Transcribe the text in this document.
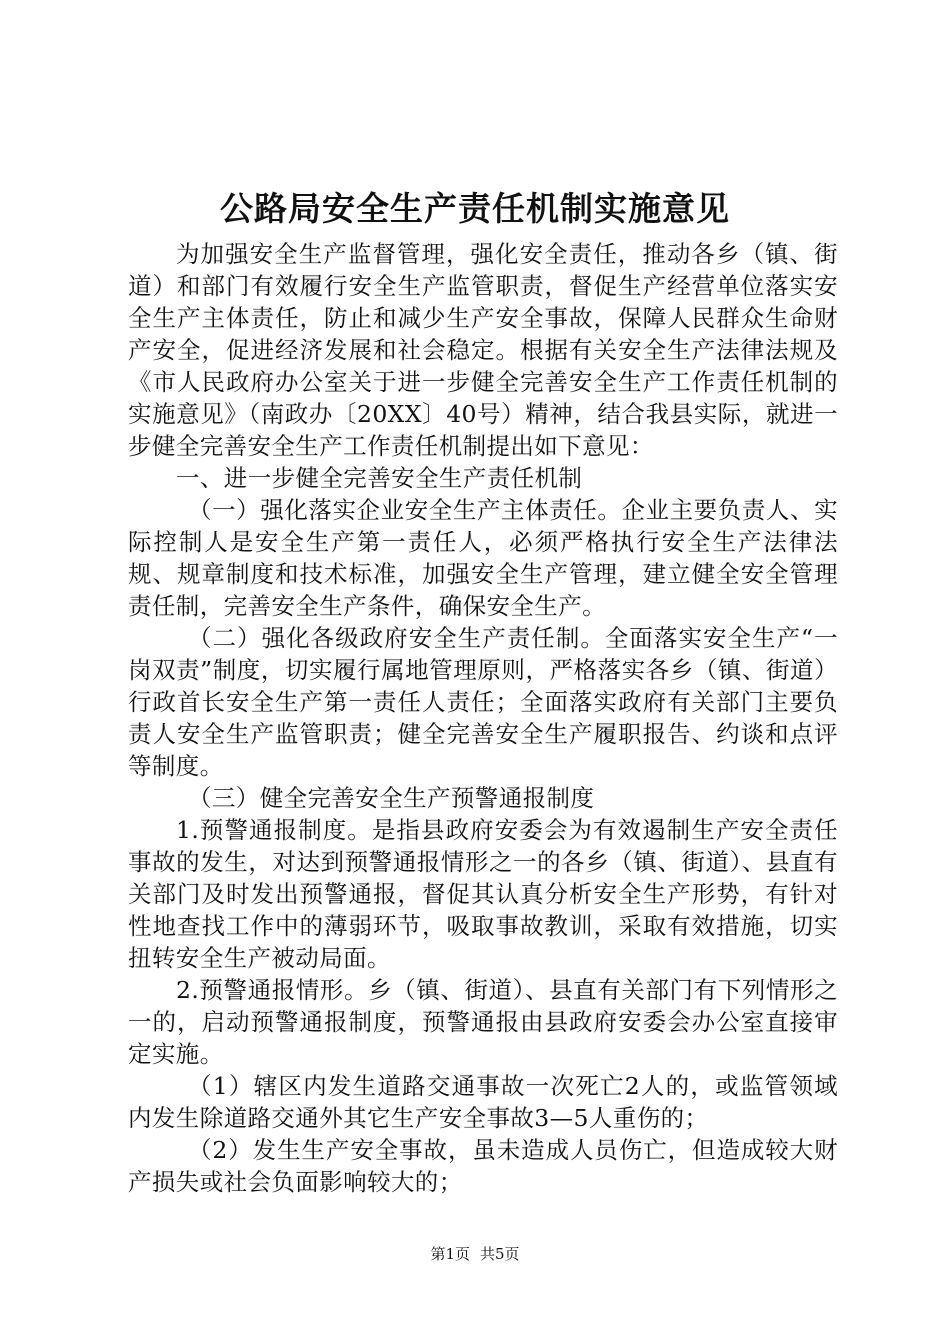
公路局安全生产责任机制实施意见

为加强安全生产监督管理，强化安全责任，推动各乡（镇、街道）和部门有效履行安全生产监管职责，督促生产经营单位落实安全生产主体责任，防止和减少生产安全事故，保障人民群众生命财产安全，促进经济发展和社会稳定。根据有关安全生产法律法规及《市人民政府办公室关于进一步健全完善安全生产工作责任机制的实施意见》（南政办〔20XX〕40号）精神，结合我县实际，就进一步健全完善安全生产工作责任机制提出如下意见：

一、进一步健全完善安全生产责任机制

（一）强化落实企业安全生产主体责任。企业主要负责人、实际控制人是安全生产第一责任人，必须严格执行安全生产法律法规、规章制度和技术标准，加强安全生产管理，建立健全安全管理责任制，完善安全生产条件，确保安全生产。

（二）强化各级政府安全生产责任制。全面落实安全生产“一岗双责”制度，切实履行属地管理原则，严格落实各乡（镇、街道）行政首长安全生产第一责任人责任；全面落实政府有关部门主要负责人安全生产监管职责；健全完善安全生产履职报告、约谈和点评等制度。

（三）健全完善安全生产预警通报制度

1.预警通报制度。是指县政府安委会为有效遏制生产安全责任事故的发生，对达到预警通报情形之一的各乡（镇、街道）、县直有关部门及时发出预警通报，督促其认真分析安全生产形势，有针对性地查找工作中的薄弱环节，吸取事故教训，采取有效措施，切实扭转安全生产被动局面。

2.预警通报情形。乡（镇、街道）、县直有关部门有下列情形之一的，启动预警通报制度，预警通报由县政府安委会办公室直接审定实施。

（1）辖区内发生道路交通事故一次死亡2人的，或监管领域内发生除道路交通外其它生产安全事故3—5人重伤的；

（2）发生生产安全事故，虽未造成人员伤亡，但造成较大财产损失或社会负面影响较大的；

第1页 共5页
